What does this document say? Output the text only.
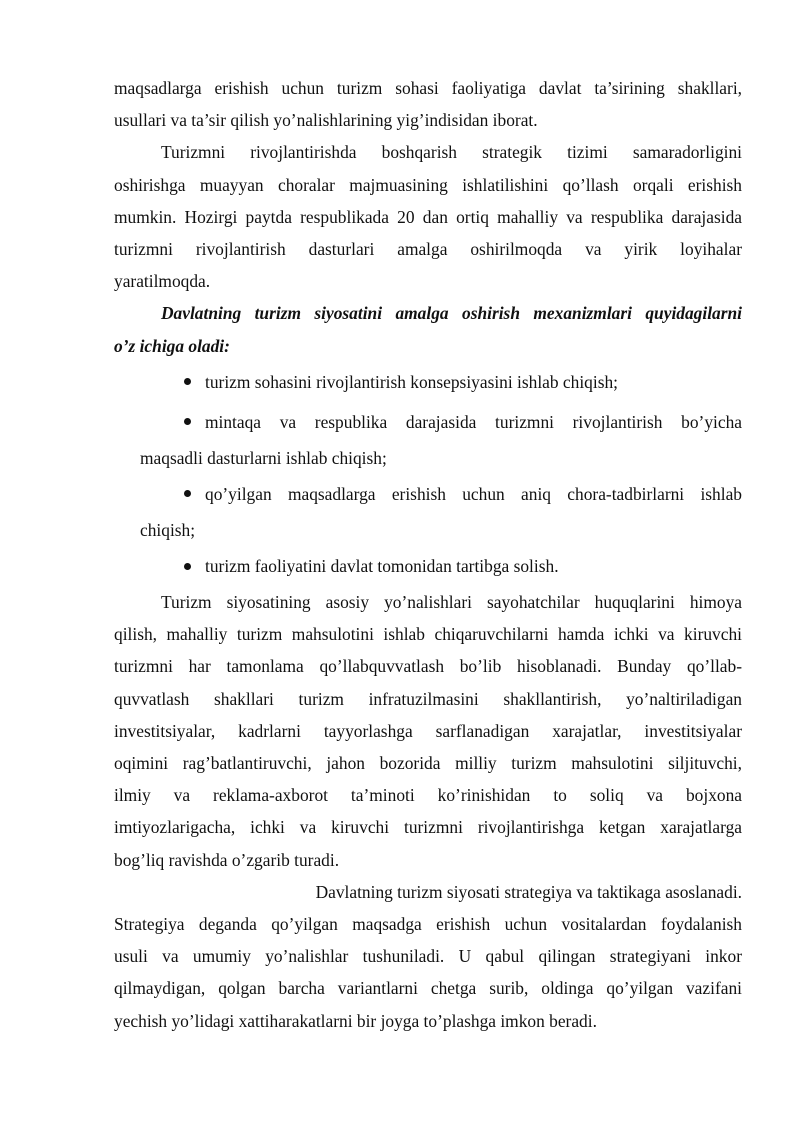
maqsadlarga erishish uchun turizm sohasi faoliyatiga davlat ta’sirining shakllari,
usullari va ta’sir qilish yo’nalishlarining yig’indisidan iborat.
Turizmni rivojlantirishda boshqarish strategik tizimi samaradorligini
oshirishga muayyan choralar majmuasining ishlatilishini qo’llash orqali erishish
mumkin. Hozirgi paytda respublikada 20 dan ortiq mahalliy va respublika darajasida
turizmni rivojlantirish dasturlari amalga oshirilmoqda va yirik loyihalar
yaratilmoqda.
Davlatning turizm siyosatini amalga oshirish mexanizmlari quyidagilarni
o’z ichiga oladi:
turizm sohasini rivojlantirish konsepsiyasini ishlab chiqish;
mintaqa va respublika darajasida turizmni rivojlantirish bo’yicha
maqsadli dasturlarni ishlab chiqish;
qo’yilgan maqsadlarga erishish uchun aniq chora-tadbirlarni ishlab
chiqish;
turizm faoliyatini davlat tomonidan tartibga solish.
Turizm siyosatining asosiy yo’nalishlari sayohatchilar huquqlarini himoya
qilish, mahalliy turizm mahsulotini ishlab chiqaruvchilarni hamda ichki va kiruvchi
turizmni har tamonlama qo’llabquvvatlash bo’lib hisoblanadi. Bunday qo’llab-
quvvatlash shakllari turizm infratuzilmasini shakllantirish, yo’naltiriladigan
investitsiyalar, kadrlarni tayyorlashga sarflanadigan xarajatlar, investitsiyalar
oqimini rag’batlantiruvchi, jahon bozorida milliy turizm mahsulotini siljituvchi,
ilmiy va reklama-axborot ta’minoti ko’rinishidan to soliq va bojxona
imtiyozlarigacha, ichki va kiruvchi turizmni rivojlantirishga ketgan xarajatlarga
bog’liq ravishda o’zgarib turadi.
Davlatning turizm siyosati strategiya va taktikaga asoslanadi.
Strategiya deganda qo’yilgan maqsadga erishish uchun vositalardan foydalanish
usuli va umumiy yo’nalishlar tushuniladi. U qabul qilingan strategiyani inkor
qilmaydigan, qolgan barcha variantlarni chetga surib, oldinga qo’yilgan vazifani
yechish yo’lidagi xattiharakatlarni bir joyga to’plashga imkon beradi.
